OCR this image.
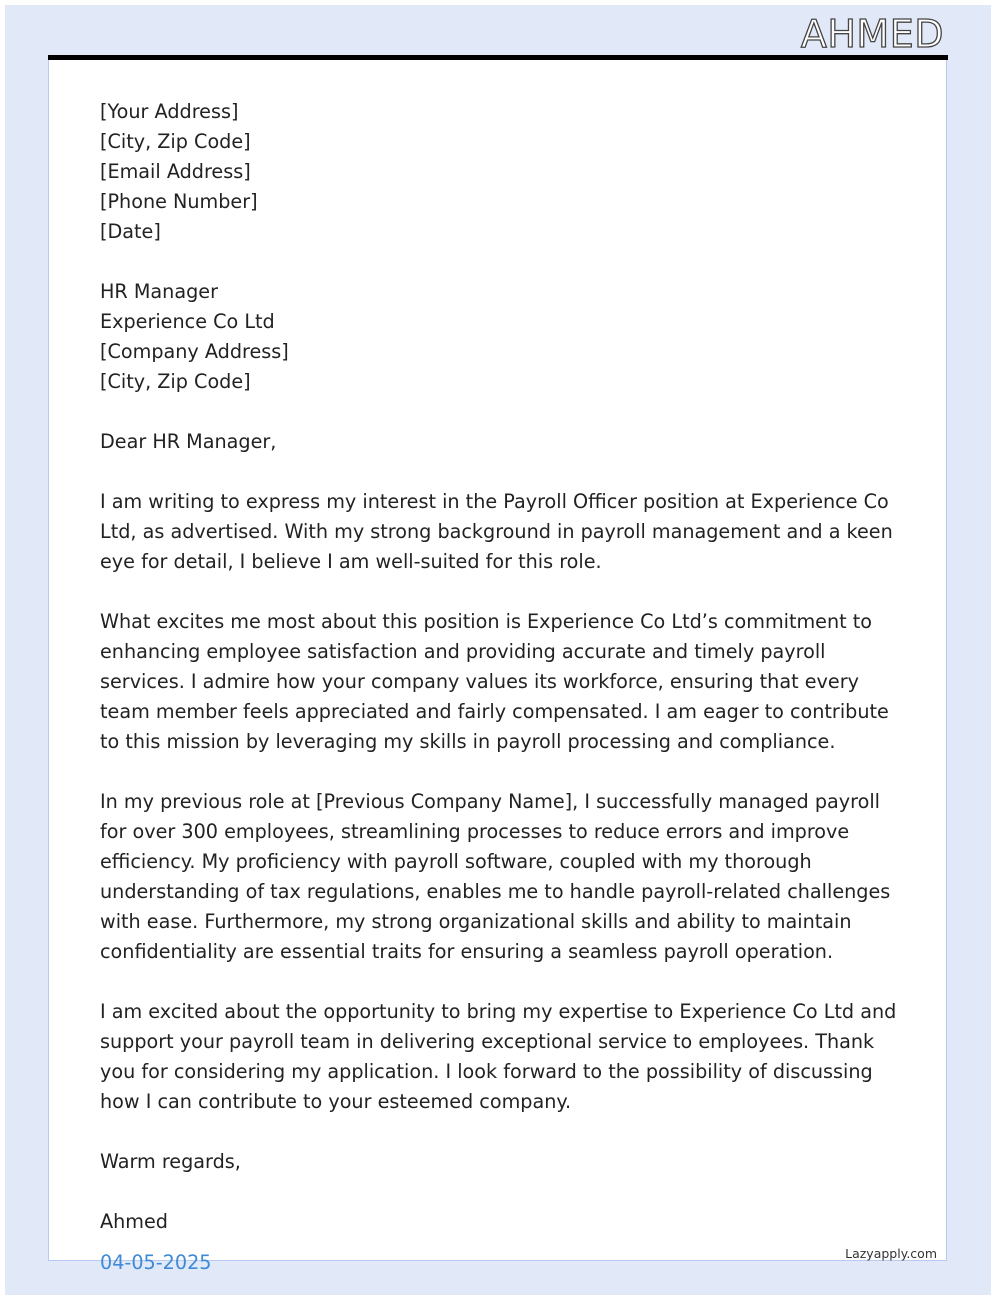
AHMED
[Your Address]
[City, Zip Code]
[Email Address]
[Phone Number]
[Date]
HR Manager
Experience Co Ltd
[Company Address]
[City, Zip Code]

Dear HR Manager,

I am writing to express my interest in the Payroll Officer position at Experience Co Ltd, as advertised. With my strong background in payroll management and a keen eye for detail, I believe I am well-suited for this role.

What excites me most about this position is Experience Co Ltd’s commitment to enhancing employee satisfaction and providing accurate and timely payroll services. I admire how your company values its workforce, ensuring that every team member feels appreciated and fairly compensated. I am eager to contribute to this mission by leveraging my skills in payroll processing and compliance.

In my previous role at [Previous Company Name], I successfully managed payroll for over 300 employees, streamlining processes to reduce errors and improve efficiency. My proficiency with payroll software, coupled with my thorough understanding of tax regulations, enables me to handle payroll-related challenges with ease. Furthermore, my strong organizational skills and ability to maintain confidentiality are essential traits for ensuring a seamless payroll operation.

I am excited about the opportunity to bring my expertise to Experience Co Ltd and support your payroll team in delivering exceptional service to employees. Thank you for considering my application. I look forward to the possibility of discussing how I can contribute to your esteemed company.

Warm regards,

Ahmed

04-05-2025	Lazyapply.com
